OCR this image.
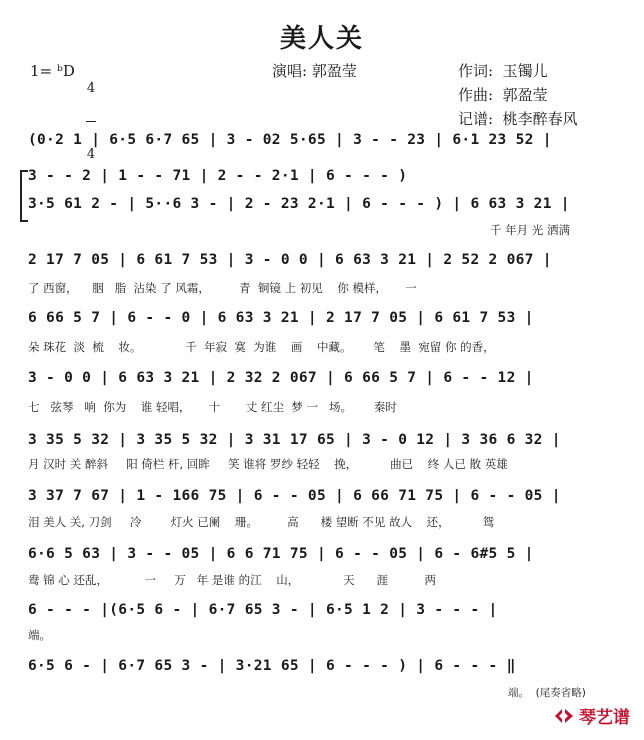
美人关
1= ᵇD

4

4

演唱: 郭盈莹	作词:  玉镯儿
作曲:  郭盈莹
记谱:  桃李醉春风
(0·2 1 | 6·5 6·7 65 | 3 - 02 5·65 | 3 - - 23 | 6·1 23 52 |
3 - - 2 | 1 - - 71 | 2 - - 2·1 | 6 - - - )
3·5 61 2 - | 5··6 3 - | 2 - 23 2·1 | 6 - - - ) | 6 63 3 21 |
千 年月 光 洒满
2 17 7 05 | 6 61 7 53 | 3 - 0 0 | 6 63 3 21 | 2 52 2 067 |
了 西窗，    胭   脂  沾染 了 风霜，        青  铜镜 上 初见    你 模样，     一
6 66 5 7 | 6 - - 0 | 6 63 3 21 | 2 17 7 05 | 6 61 7 53 |
朵 珠花  淡  梳    妆。            千  年寂  寞  为谁    画    中藏。      笔    墨  宛留 你 的香，
3 - 0 0 | 6 63 3 21 | 2 32 2 067 | 6 66 5 7 | 6 - - 12 |
七   弦琴   响  你为    谁 轻唱，     十       丈 红尘  梦 一   场。      秦时
3 35 5 32 | 3 35 5 32 | 3 31 17 65 | 3 - 0 12 | 3 36 6 32 |
月 汉时 关 醉斜     阳 倚栏 杆, 回眸     笑 谁将 罗纱 轻轻    挽，         曲已    终 人已 散 英雄
3 37 7 67 | 1 - 166 75 | 6 - - 05 | 6 66 71 75 | 6 - - 05 |
泪 美人 关, 刀剑     冷        灯火 已阑    珊。        高      楼 望断 不见 故人    还，         鸳
6·6 5 63 | 3 - - 05 | 6 6 71 75 | 6 - - 05 | 6 - 6#5 5 |
鸯 锦 心 还乱，          一     万   年 是谁 的江    山，            天      涯          两
6 - - - |(6·5 6 - | 6·7 65 3 - | 6·5 1 2 | 3 - - - |
端。
6·5 6 - | 6·7 65 3 - | 3·21 65 | 6 - - - ) | 6 - - - ‖
端。  (尾奏省略)
琴艺谱
